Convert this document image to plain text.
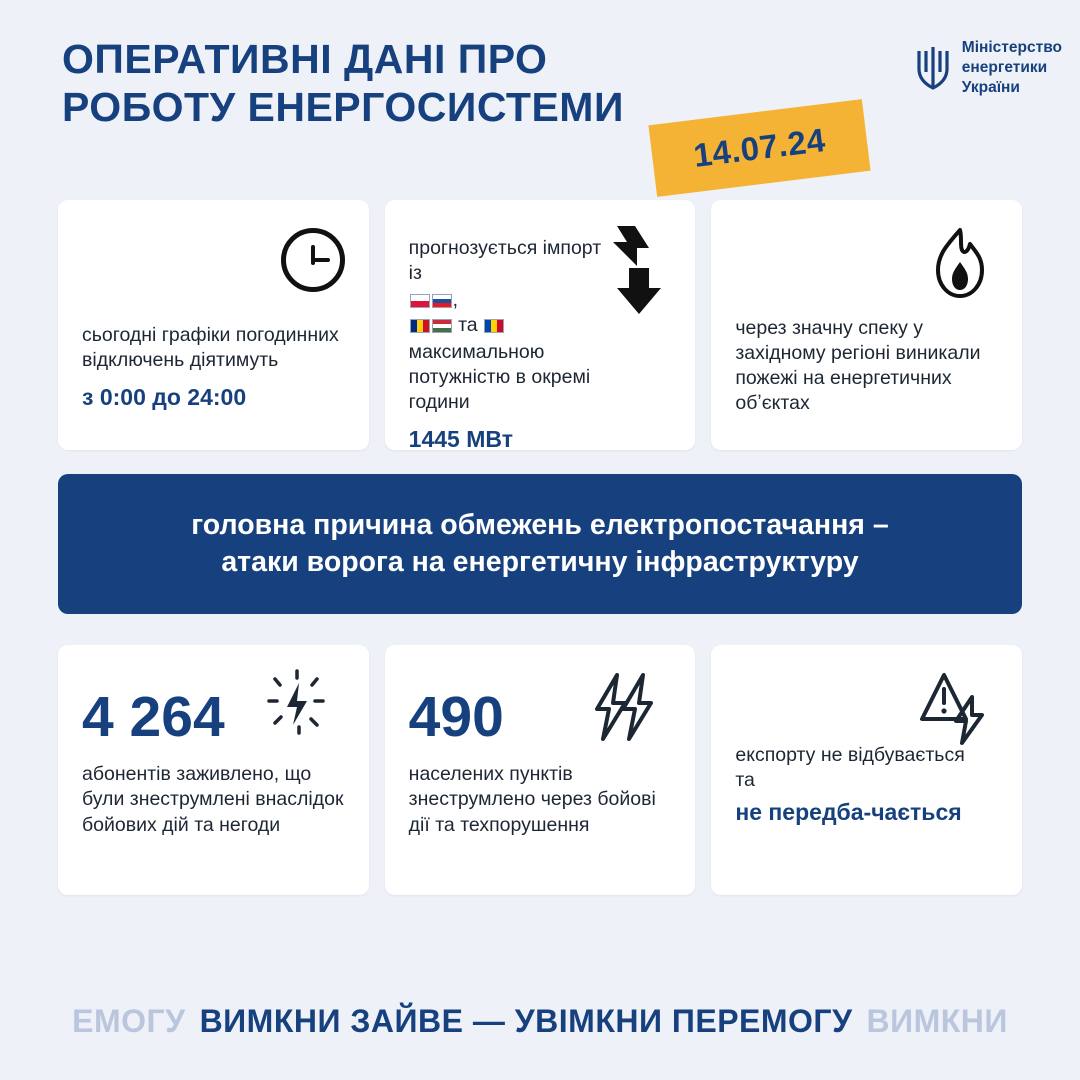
ОПЕРАТИВНІ ДАНІ ПРО РОБОТУ ЕНЕРГОСИСТЕМИ
Міністерство
енергетики
України
14.07.24
сьогодні графіки погодинних відключень діятимуть
з 0:00 до 24:00
прогнозується імпорт із
,
та
максимальною потужністю в окремі години
1445 МВт
через значну спеку у західному регіоні виникали пожежі на енергетичних обʼєктах
головна причина обмежень електропостачання –
атаки ворога на енергетичну інфраструктуру
4 264
абонентів заживлено, що були знеструмлені внаслідок бойових дій та негоди
490
населених пунктів знеструмлено через бойові дії та техпорушення
експорту не відбувається та
не передба-чається
ЕМОГУ ВИМКНИ ЗАЙВЕ — УВІМКНИ ПЕРЕМОГУ ВИМКНИ
